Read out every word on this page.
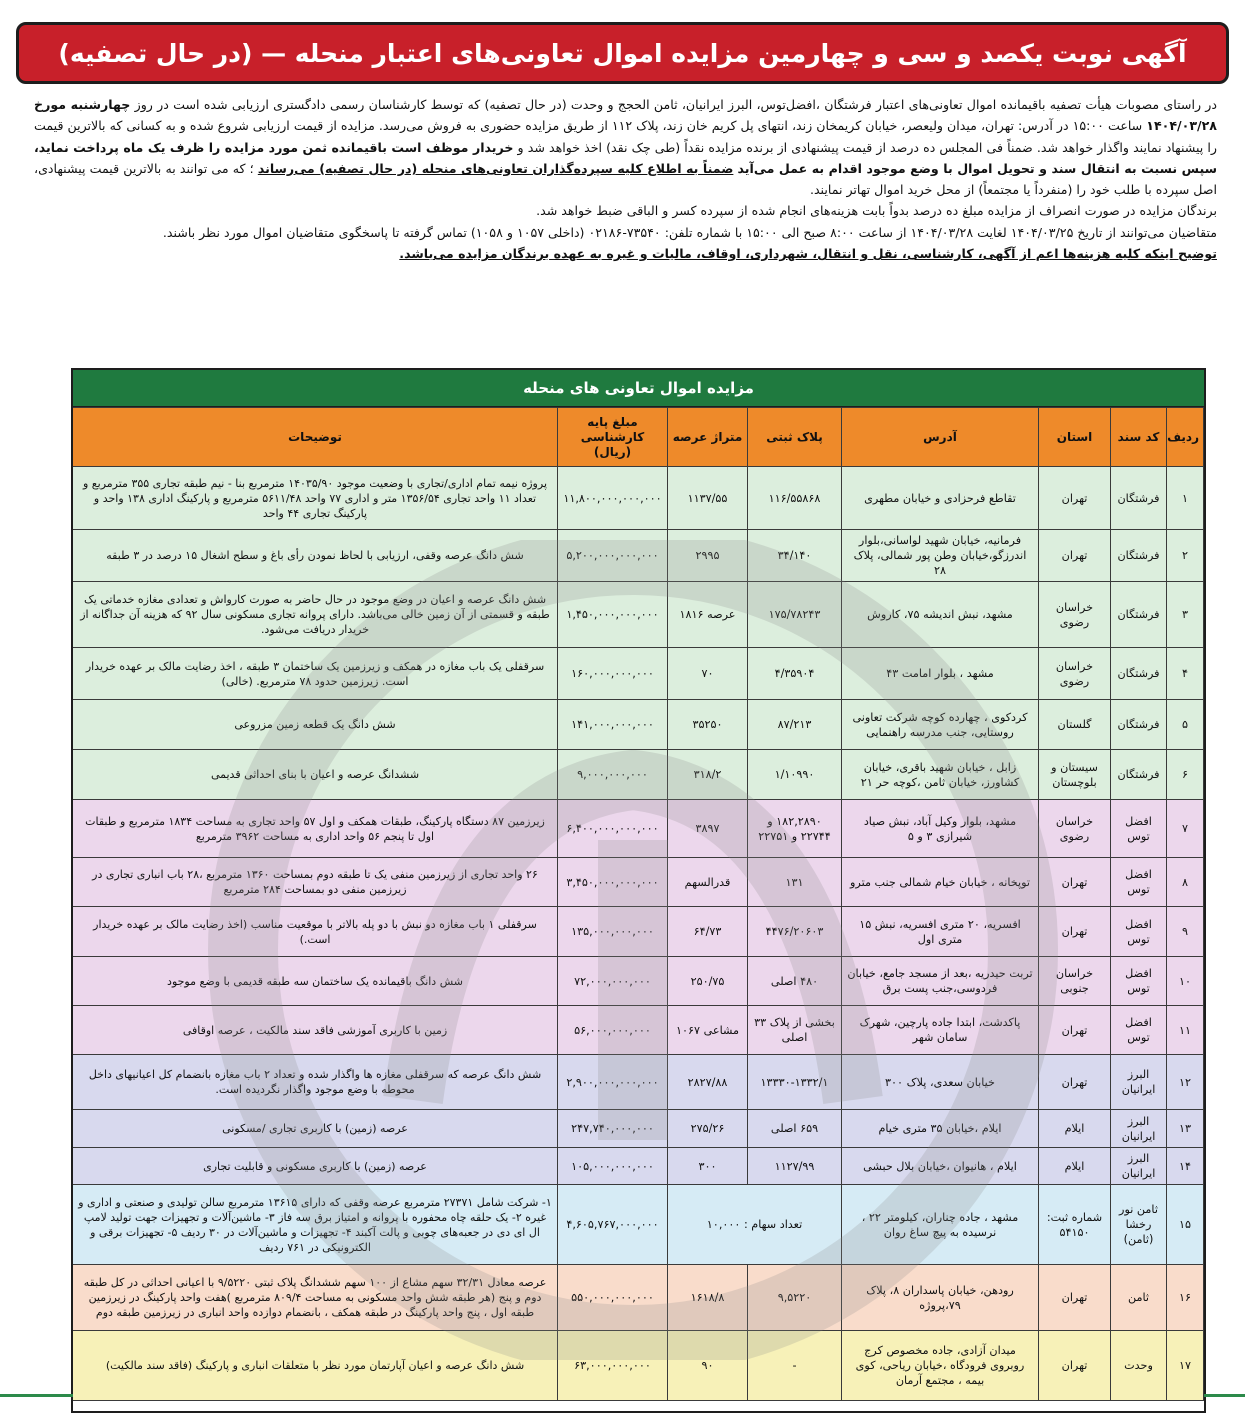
آگهی نوبت یکصد و سی و چهارمین مزایده اموال تعاونی‌های اعتبار منحله — (در حال تصفیه)

در راستای مصوبات هیأت تصفیه باقیمانده اموال تعاونی‌های اعتبار فرشتگان ،افضل‌توس، البرز ایرانیان، ثامن الحجج و وحدت (در حال تصفیه) که توسط کارشناسان رسمی دادگستری ارزیابی شده است در روز چهارشنبه مورخ ۱۴۰۴/۰۳/۲۸ ساعت ۱۵:۰۰ در آدرس: تهران، میدان ولیعصر، خیابان کریمخان زند، انتهای پل کریم خان زند، پلاک ۱۱۲ از طریق مزایده حضوری به فروش می‌رسد. مزایده از قیمت ارزیابی شروع شده و به کسانی که بالاترین قیمت را پیشنهاد نمایند واگذار خواهد شد. ضمناً فی المجلس ده درصد از قیمت پیشنهادی از برنده مزایده نقداً (طی چک نقد) اخذ خواهد شد و خریدار موظف است باقیمانده ثمن مورد مزایده را ظرف یک ماه پرداخت نماید، سپس نسبت به انتقال سند و تحویل اموال با وضع موجود اقدام به عمل می‌آید ضمناً به اطلاع کلیه سپرده‌گذاران تعاونی‌های منحله (در حال تصفیه) می‌رساند ؛ که می توانند به بالاترین قیمت پیشنهادی، اصل سپرده با طلب خود را (منفرداً یا مجتمعاً) از محل خرید اموال تهاتر نمایند.

برندگان مزایده در صورت انصراف از مزایده مبلغ ده درصد بدواً بابت هزینه‌های انجام شده از سپرده کسر و الباقی ضبط خواهد شد.

متقاضیان می‌توانند از تاریخ ۱۴۰۴/۰۳/۲۵ لغایت ۱۴۰۴/۰۳/۲۸ از ساعت ۸:۰۰ صبح الی ۱۵:۰۰ با شماره تلفن: ۷۳۵۴۰-۰۲۱۸۶ (داخلی ۱۰۵۷ و ۱۰۵۸) تماس گرفته تا پاسخگوی متقاضیان اموال مورد نظر باشند.

توضیح اینکه کلیه هزینه‌ها اعم از آگهی، کارشناسی، نقل و انتقال، شهرداری، اوقاف، مالیات و غیره به عهده برندگان مزایده می‌باشد.

مزایده اموال تعاونی های منحله
ردیف	کد سند	استان	آدرس	پلاک ثبتی	متراژ عرصه	مبلغ پایه کارشناسی (ریال)	توضیحات
۱	فرشتگان	تهران	تقاطع فرحزادی و خیابان مطهری	۱۱۶/۵۵۸۶۸	۱۱۳۷/۵۵	۱۱,۸۰۰,۰۰۰,۰۰۰,۰۰۰	پروژه نیمه تمام اداری/تجاری با وضعیت موجود ۱۴۰۳۵/۹۰ مترمربع بنا - نیم طبقه تجاری ۳۵۵ مترمربع و تعداد ۱۱ واحد تجاری ۱۳۵۶/۵۴ متر و اداری ۷۷ واحد ۵۶۱۱/۴۸ مترمربع و پارکینگ اداری ۱۳۸ واحد و پارکینگ تجاری ۴۴ واحد
۲	فرشتگان	تهران	فرمانیه، خیابان شهید لواسانی،بلوار اندرزگو،خیابان وطن پور شمالی، پلاک ۲۸	۳۴/۱۴۰	۲۹۹۵	۵,۲۰۰,۰۰۰,۰۰۰,۰۰۰	شش دانگ عرصه وقفی، ارزیابی با لحاظ نمودن رأی باغ و سطح اشغال ۱۵ درصد در ۳ طبقه
۳	فرشتگان	خراسان رضوی	مشهد، نبش اندیشه ۷۵، کاروش	۱۷۵/۷۸۲۴۳	عرصه ۱۸۱۶	۱,۴۵۰,۰۰۰,۰۰۰,۰۰۰	شش دانگ عرصه و اعیان در وضع موجود در حال حاضر به صورت کارواش و تعدادی مغازه خدماتی یک طبقه و قسمتی از آن زمین خالی می‌باشد. دارای پروانه تجاری مسکونی سال ۹۲ که هزینه آن جداگانه از خریدار دریافت می‌شود.
۴	فرشتگان	خراسان رضوی	مشهد ، بلوار امامت ۴۳	۴/۳۵۹۰۴	۷۰	۱۶۰,۰۰۰,۰۰۰,۰۰۰	سرقفلی یک باب مغازه در همکف و زیرزمین یک ساختمان ۳ طبقه ، اخذ رضایت مالک بر عهده خریدار است. زیرزمین حدود ۷۸ مترمربع. (خالی)
۵	فرشتگان	گلستان	کردکوی ، چهارده کوچه شرکت تعاونی روستایی، جنب مدرسه راهنمایی	۸۷/۲۱۳	۳۵۲۵۰	۱۴۱,۰۰۰,۰۰۰,۰۰۰	شش دانگ یک قطعه زمین مزروعی
۶	فرشتگان	سیستان و بلوچستان	زابل ، خیابان شهید باقری، خیابان کشاورز، خیابان ثامن ،کوچه حر ۲۱	۱/۱۰۹۹۰	۳۱۸/۲	۹,۰۰۰,۰۰۰,۰۰۰	ششدانگ عرصه و اعیان با بنای احداثی قدیمی
۷	افضل توس	خراسان رضوی	مشهد، بلوار وکیل آباد، نبش صیاد شیرازی ۳ و ۵	۱۸۲,۲۸۹۰ و ۲۲۷۴۴ و ۲۲۷۵۱	۳۸۹۷	۶,۴۰۰,۰۰۰,۰۰۰,۰۰۰	زیرزمین ۸۷ دستگاه پارکینگ، طبقات همکف و اول ۵۷ واحد تجاری به مساحت ۱۸۳۴ مترمربع و طبقات اول تا پنجم ۵۶ واحد اداری به مساحت ۳۹۶۲ مترمربع
۸	افضل توس	تهران	توپخانه ، خیابان خیام شمالی جنب مترو	۱۳۱	قدرالسهم	۳,۴۵۰,۰۰۰,۰۰۰,۰۰۰	۲۶ واحد تجاری از زیرزمین منفی یک تا طبقه دوم بمساحت ۱۳۶۰ مترمربع ،۲۸ باب انباری تجاری در زیرزمین منفی دو بمساحت ۲۸۴ مترمربع
۹	افضل توس	تهران	افسریه، ۲۰ متری افسریه، نبش ۱۵ متری اول	۴۴۷۶/۲۰۶۰۳	۶۴/۷۳	۱۳۵,۰۰۰,۰۰۰,۰۰۰	سرقفلی ۱ باب مغازه دو نبش با دو پله بالاتر با موقعیت مناسب (اخذ رضایت مالک بر عهده خریدار است.)
۱۰	افضل توس	خراسان جنوبی	تربت حیدریه ،بعد از مسجد جامع، خیابان فردوسی،جنب پست برق	۴۸۰ اصلی	۲۵۰/۷۵	۷۲,۰۰۰,۰۰۰,۰۰۰	شش دانگ باقیمانده یک ساختمان سه طبقه قدیمی با وضع موجود
۱۱	افضل توس	تهران	پاکدشت، ابتدا جاده پارچین، شهرک سامان شهر	بخشی از پلاک ۳۳ اصلی	مشاعی ۱۰۶۷	۵۶,۰۰۰,۰۰۰,۰۰۰	زمین با کاربری آموزشی فاقد سند مالکیت ، عرصه اوقافی
۱۲	البرز ایرانیان	تهران	خیابان سعدی، پلاک ۳۰۰	۱۳۳۳۰-۱۳۳۲/۱	۲۸۲۷/۸۸	۲,۹۰۰,۰۰۰,۰۰۰,۰۰۰	شش دانگ عرصه که سرقفلی مغازه ها واگذار شده و تعداد ۲ باب مغازه بانضمام کل اعیانیهای داخل محوطه با وضع موجود واگذار نگردیده است.
۱۳	البرز ایرانیان	ایلام	ایلام ،خیابان ۳۵ متری خیام	۶۵۹ اصلی	۲۷۵/۲۶	۲۴۷,۷۴۰,۰۰۰,۰۰۰	عرصه (زمین) با کاربری تجاری /مسکونی
۱۴	البرز ایرانیان	ایلام	ایلام ، هانیوان ،خیابان بلال حبشی	۱۱۲۷/۹۹	۳۰۰	۱۰۵,۰۰۰,۰۰۰,۰۰۰	عرصه (زمین) با کاربری مسکونی و قابلیت تجاری
۱۵	ثامن نور رخشا (ثامن)	شماره ثبت: ۵۴۱۵۰	مشهد ، جاده چناران، کیلومتر ۲۲ ، نرسیده به پیچ ساغ روان	تعداد سهام : ۱۰,۰۰۰		۴,۶۰۵,۷۶۷,۰۰۰,۰۰۰	۱- شرکت شامل ۲۷۳۷۱ مترمربع عرصه وقفی که دارای ۱۳۶۱۵ مترمربع سالن تولیدی و صنعتی و اداری و غیره ۲- یک حلقه چاه محفوره با پروانه و امتیاز برق سه فاز ۳- ماشین‌آلات و تجهیزات جهت تولید لامپ ال ای دی در جعبه‌های چوبی و پالت آکبند ۴- تجهیزات و ماشین‌آلات در ۳۰ ردیف ۵- تجهیزات برقی و الکترونیکی در ۷۶۱ ردیف
۱۶	ثامن	تهران	رودهن، خیابان پاسداران ۸، پلاک ۷۹،پروژه	۹,۵۲۲۰	۱۶۱۸/۸	۵۵۰,۰۰۰,۰۰۰,۰۰۰	عرصه معادل ۳۲/۳۱ سهم مشاع از ۱۰۰ سهم ششدانگ پلاک ثبتی ۹/۵۲۲۰ با اعیانی احداثی در کل طبقه دوم و پنج (هر طبقه شش واحد مسکونی به مساحت ۸۰۹/۴ مترمربع )هفت واحد پارکینگ در زیرزمین طبقه اول ، پنج واحد پارکینگ در طبقه همکف ، بانضمام دوازده واحد انباری در زیرزمین طبقه دوم
۱۷	وحدت	تهران	میدان آزادی، جاده مخصوص کرج روبروی فرودگاه ،خیابان ریاحی، کوی بیمه ، مجتمع آرمان	-	۹۰	۶۳,۰۰۰,۰۰۰,۰۰۰	شش دانگ عرصه و اعیان آپارتمان مورد نظر با متعلقات انباری و پارکینگ (فاقد سند مالکیت)
